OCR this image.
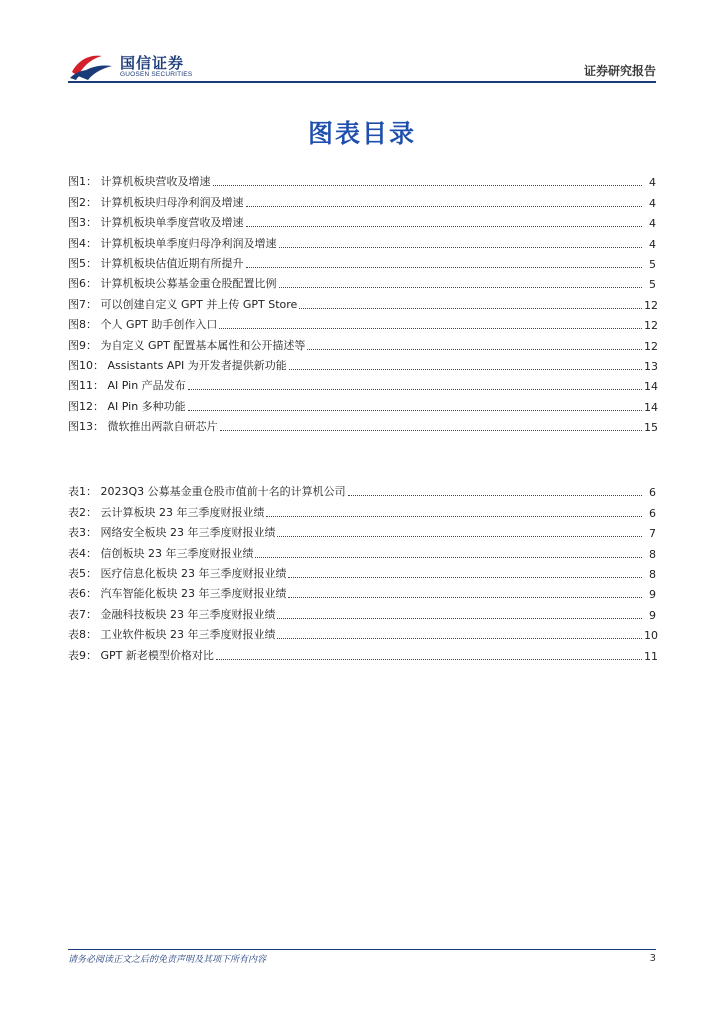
国信证券
GUOSEN SECURITIES	证券研究报告
图表目录
图1： 计算机板块营收及增速	4
图2： 计算机板块归母净利润及增速	4
图3： 计算机板块单季度营收及增速	4
图4： 计算机板块单季度归母净利润及增速	4
图5： 计算机板块估值近期有所提升	5
图6： 计算机板块公募基金重仓股配置比例	5
图7： 可以创建自定义 GPT 并上传 GPT Store	12
图8： 个人 GPT 助手创作入口	12
图9： 为自定义 GPT 配置基本属性和公开描述等	12
图10： Assistants API 为开发者提供新功能	13
图11： AI Pin 产品发布	14
图12： AI Pin 多种功能	14
图13： 微软推出两款自研芯片	15
表1： 2023Q3 公募基金重仓股市值前十名的计算机公司	6
表2： 云计算板块 23 年三季度财报业绩	6
表3： 网络安全板块 23 年三季度财报业绩	7
表4： 信创板块 23 年三季度财报业绩	8
表5： 医疗信息化板块 23 年三季度财报业绩	8
表6： 汽车智能化板块 23 年三季度财报业绩	9
表7： 金融科技板块 23 年三季度财报业绩	9
表8： 工业软件板块 23 年三季度财报业绩	10
表9： GPT 新老模型价格对比	11
请务必阅读正文之后的免责声明及其项下所有内容	3
